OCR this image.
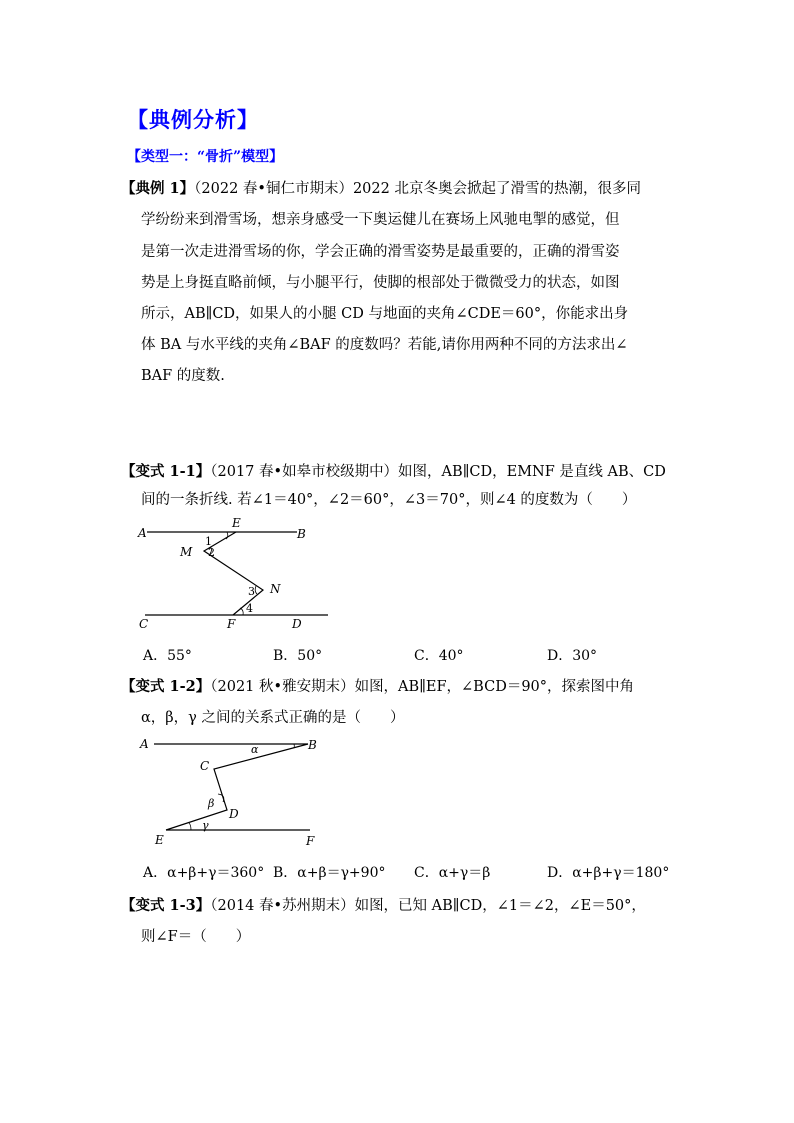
【典例分析】
【类型一：“骨折”模型】
【典例 1】（2022 春•铜仁市期末）2022 北京冬奥会掀起了滑雪的热潮，很多同
学纷纷来到滑雪场，想亲身感受一下奥运健儿在赛场上风驰电掣的感觉，但
是第一次走进滑雪场的你，学会正确的滑雪姿势是最重要的，正确的滑雪姿
势是上身挺直略前倾，与小腿平行，使脚的根部处于微微受力的状态，如图
所示，AB∥CD，如果人的小腿 CD 与地面的夹角∠CDE＝60°，你能求出身
体 BA 与水平线的夹角∠BAF 的度数吗？若能,请你用两种不同的方法求出∠
BAF 的度数.
【变式 1-1】（2017 春•如皋市校级期中）如图，AB∥CD，EMNF 是直线 AB、CD
间的一条折线. 若∠1＝40°，∠2＝60°，∠3＝70°，则∠4 的度数为（　　）
A	B
E
M
N
C	F	D
1
2
3
4
A．55°	B．50°	C．40°	D．30°
【变式 1-2】（2021 秋•雅安期末）如图，AB∥EF，∠BCD＝90°，探索图中角
α，β，γ 之间的关系式正确的是（　　）
A	B
C
D
E	F
α
β
γ
A．α+β+γ＝360° B．α+β＝γ+90° C．α+γ＝β	D．α+β+γ＝180°
【变式 1-3】（2014 春•苏州期末）如图，已知 AB∥CD，∠1＝∠2，∠E＝50°，
则∠F＝（　　）
